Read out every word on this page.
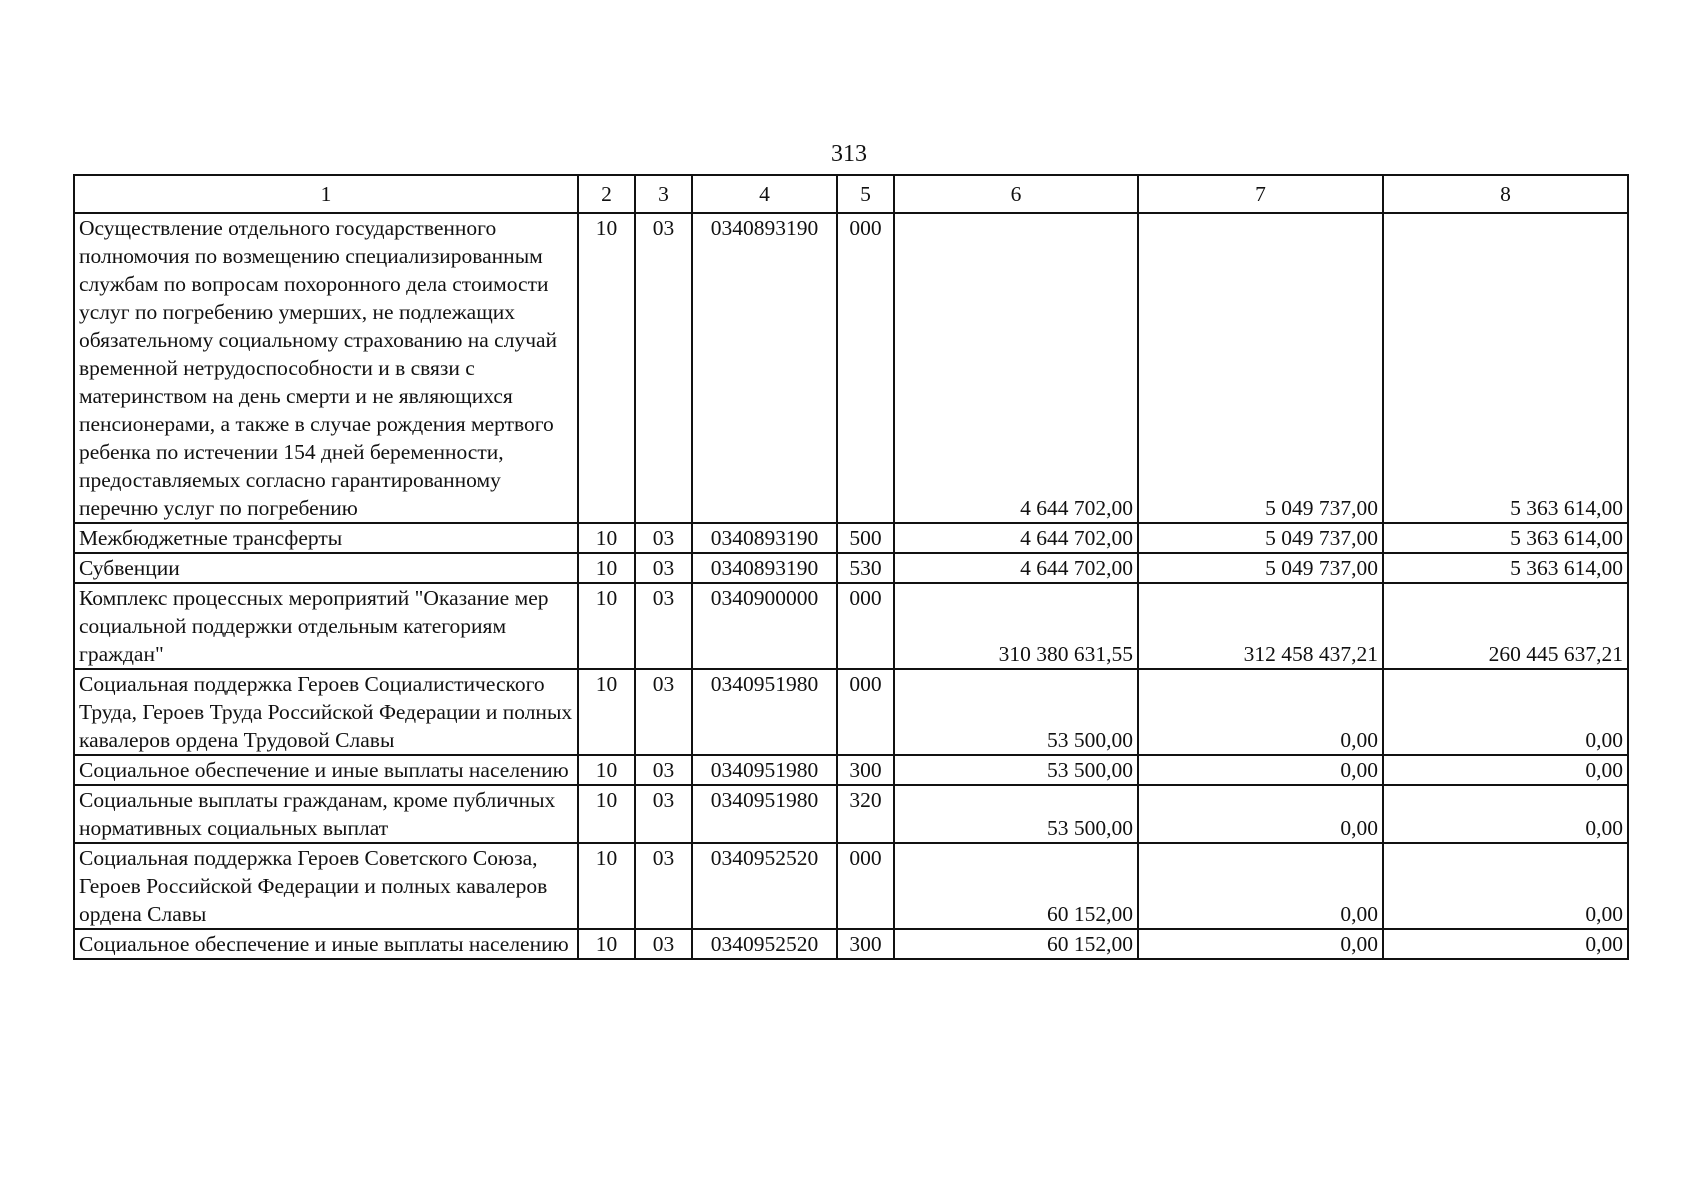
313
1	2	3	4	5	6	7	8
Осуществление отдельного государственного полномочия по возмещению специализированным службам по вопросам похоронного дела стоимости услуг по погребению умерших, не подлежащих обязательному социальному страхованию на случай временной нетрудоспособности и в связи с материнством на день смерти и не являющихся пенсионерами, а также в случае рождения мертвого ребенка по истечении 154 дней беременности, предоставляемых согласно гарантированному перечню услуг по погребению	10	03	0340893190	000	4 644 702,00	5 049 737,00	5 363 614,00
Межбюджетные трансферты	10	03	0340893190	500	4 644 702,00	5 049 737,00	5 363 614,00
Субвенции	10	03	0340893190	530	4 644 702,00	5 049 737,00	5 363 614,00
Комплекс процессных мероприятий "Оказание мер социальной поддержки отдельным категориям граждан"	10	03	0340900000	000	310 380 631,55	312 458 437,21	260 445 637,21
Социальная поддержка Героев Социалистического Труда, Героев Труда Российской Федерации и полных кавалеров ордена Трудовой Славы	10	03	0340951980	000	53 500,00	0,00	0,00
Социальное обеспечение и иные выплаты населению	10	03	0340951980	300	53 500,00	0,00	0,00
Социальные выплаты гражданам, кроме публичных нормативных социальных выплат	10	03	0340951980	320	53 500,00	0,00	0,00
Социальная поддержка Героев Советского Союза, Героев Российской Федерации и полных кавалеров ордена Славы	10	03	0340952520	000	60 152,00	0,00	0,00
Социальное обеспечение и иные выплаты населению	10	03	0340952520	300	60 152,00	0,00	0,00
